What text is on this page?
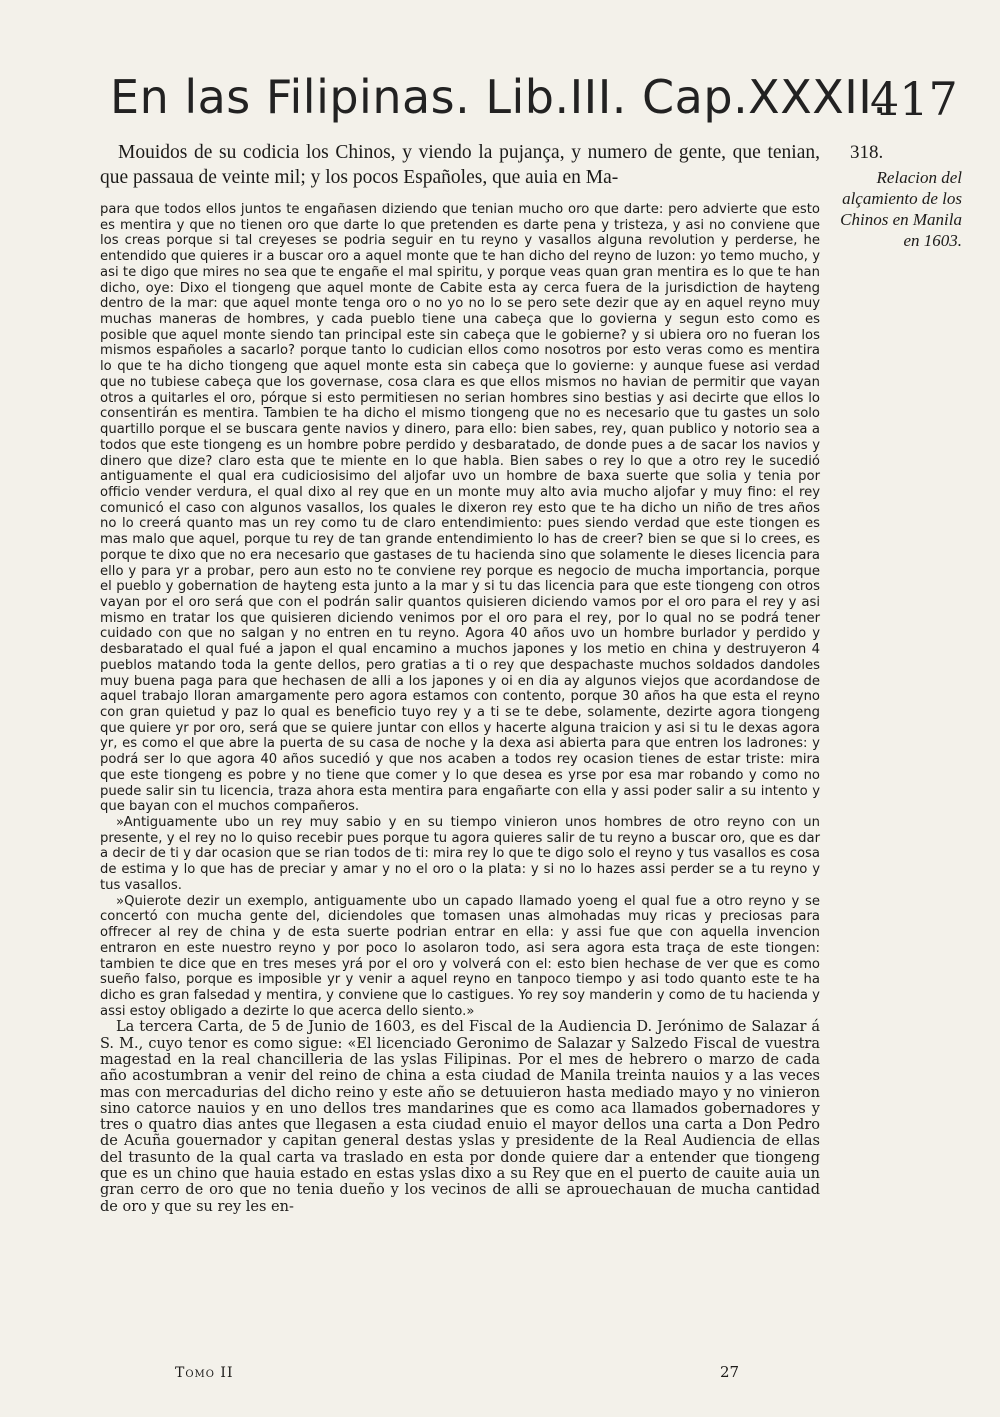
En las Filipinas. Lib.III. Cap.XXXII.
417
318.
Relacion del alçamiento de los Chinos en Manila en 1603.

Mouidos de su codicia los Chinos, y viendo la pujança, y numero de gente, que tenian, que passaua de veinte mil; y los pocos Españoles, que auia en Ma-

para que todos ellos juntos te engañasen diziendo que tenian mucho oro que darte: pero advierte que esto es mentira y que no tienen oro que darte lo que pretenden es darte pena y tristeza, y asi no conviene que los creas porque si tal creyeses se podria seguir en tu reyno y vasallos alguna revolution y perderse, he entendido que quieres ir a buscar oro a aquel monte que te han dicho del reyno de luzon: yo temo mucho, y asi te digo que mires no sea que te engañe el mal spiritu, y porque veas quan gran mentira es lo que te han dicho, oye: Dixo el tiongeng que aquel monte de Cabite esta ay cerca fuera de la jurisdiction de hayteng dentro de la mar: que aquel monte tenga oro o no yo no lo se pero sete dezir que ay en aquel reyno muy muchas maneras de hombres, y cada pueblo tiene una cabeça que lo govierna y segun esto como es posible que aquel monte siendo tan principal este sin cabeça que le gobierne? y si ubiera oro no fueran los mismos españoles a sacarlo? porque tanto lo cudician ellos como nosotros por esto veras como es mentira lo que te ha dicho tiongeng que aquel monte esta sin cabeça que lo govierne: y aunque fuese asi verdad que no tubiese cabeça que los governase, cosa clara es que ellos mismos no havian de permitir que vayan otros a quitarles el oro, pórque si esto permitiesen no serian hombres sino bestias y asi decirte que ellos lo consentirán es mentira. Tambien te ha dicho el mismo tiongeng que no es necesario que tu gastes un solo quartillo porque el se buscara gente navios y dinero, para ello: bien sabes, rey, quan publico y notorio sea a todos que este tiongeng es un hombre pobre perdido y desbaratado, de donde pues a de sacar los navios y dinero que dize? claro esta que te miente en lo que habla. Bien sabes o rey lo que a otro rey le sucedió antiguamente el qual era cudiciosisimo del aljofar uvo un hombre de baxa suerte que solia y tenia por officio vender verdura, el qual dixo al rey que en un monte muy alto avia mucho aljofar y muy fino: el rey comunicó el caso con algunos vasallos, los quales le dixeron rey esto que te ha dicho un niño de tres años no lo creerá quanto mas un rey como tu de claro entendimiento: pues siendo verdad que este tiongen es mas malo que aquel, porque tu rey de tan grande entendimiento lo has de creer? bien se que si lo crees, es porque te dixo que no era necesario que gastases de tu hacienda sino que solamente le dieses licencia para ello y para yr a probar, pero aun esto no te conviene rey porque es negocio de mucha importancia, porque el pueblo y gobernation de hayteng esta junto a la mar y si tu das licencia para que este tiongeng con otros vayan por el oro será que con el podrán salir quantos quisieren diciendo vamos por el oro para el rey y asi mismo en tratar los que quisieren diciendo venimos por el oro para el rey, por lo qual no se podrá tener cuidado con que no salgan y no entren en tu reyno. Agora 40 años uvo un hombre burlador y perdido y desbaratado el qual fué a japon el qual encamino a muchos japones y los metio en china y destruyeron 4 pueblos matando toda la gente dellos, pero gratias a ti o rey que despachaste muchos soldados dandoles muy buena paga para que hechasen de alli a los japones y oi en dia ay algunos viejos que acordandose de aquel trabajo lloran amargamente pero agora estamos con contento, porque 30 años ha que esta el reyno con gran quietud y paz lo qual es beneficio tuyo rey y a ti se te debe, solamente, dezirte agora tiongeng que quiere yr por oro, será que se quiere juntar con ellos y hacerte alguna traicion y asi si tu le dexas agora yr, es como el que abre la puerta de su casa de noche y la dexa asi abierta para que entren los ladrones: y podrá ser lo que agora 40 años sucedió y que nos acaben a todos rey ocasion tienes de estar triste: mira que este tiongeng es pobre y no tiene que comer y lo que desea es yrse por esa mar robando y como no puede salir sin tu licencia, traza ahora esta mentira para engañarte con ella y assi poder salir a su intento y que bayan con el muchos compañeros.

»Antiguamente ubo un rey muy sabio y en su tiempo vinieron unos hombres de otro reyno con un presente, y el rey no lo quiso recebir pues porque tu agora quieres salir de tu reyno a buscar oro, que es dar a decir de ti y dar ocasion que se rian todos de ti: mira rey lo que te digo solo el reyno y tus vasallos es cosa de estima y lo que has de preciar y amar y no el oro o la plata: y si no lo hazes assi perder se a tu reyno y tus vasallos.

»Quierote dezir un exemplo, antiguamente ubo un capado llamado yoeng el qual fue a otro reyno y se concertó con mucha gente del, diciendoles que tomasen unas almohadas muy ricas y preciosas para offrecer al rey de china y de esta suerte podrian entrar en ella: y assi fue que con aquella invencion entraron en este nuestro reyno y por poco lo asolaron todo, asi sera agora esta traça de este tiongen: tambien te dice que en tres meses yrá por el oro y volverá con el: esto bien hechase de ver que es como sueño falso, porque es imposible yr y venir a aquel reyno en tanpoco tiempo y asi todo quanto este te ha dicho es gran falsedad y mentira, y conviene que lo castigues. Yo rey soy manderin y como de tu hacienda y assi estoy obligado a dezirte lo que acerca dello siento.»

La tercera Carta, de 5 de Junio de 1603, es del Fiscal de la Audiencia D. Jerónimo de Salazar á S. M., cuyo tenor es como sigue: «El licenciado Geronimo de Salazar y Salzedo Fiscal de vuestra magestad en la real chancilleria de las yslas Filipinas. Por el mes de hebrero o marzo de cada año acostumbran a venir del reino de china a esta ciudad de Manila treinta nauios y a las veces mas con mercadurias del dicho reino y este año se detuuieron hasta mediado mayo y no vinieron sino catorce nauios y en uno dellos tres mandarines que es como aca llamados gobernadores y tres o quatro dias antes que llegasen a esta ciudad enuio el mayor dellos una carta a Don Pedro de Acuña gouernador y capitan general destas yslas y presidente de la Real Audiencia de ellas del trasunto de la qual carta va traslado en esta por donde quiere dar a entender que tiongeng que es un chino que hauia estado en estas yslas dixo a su Rey que en el puerto de cauite auia un gran cerro de oro que no tenia dueño y los vecinos de alli se aprouechauan de mucha cantidad de oro y que su rey les en-

Tomo II	27
